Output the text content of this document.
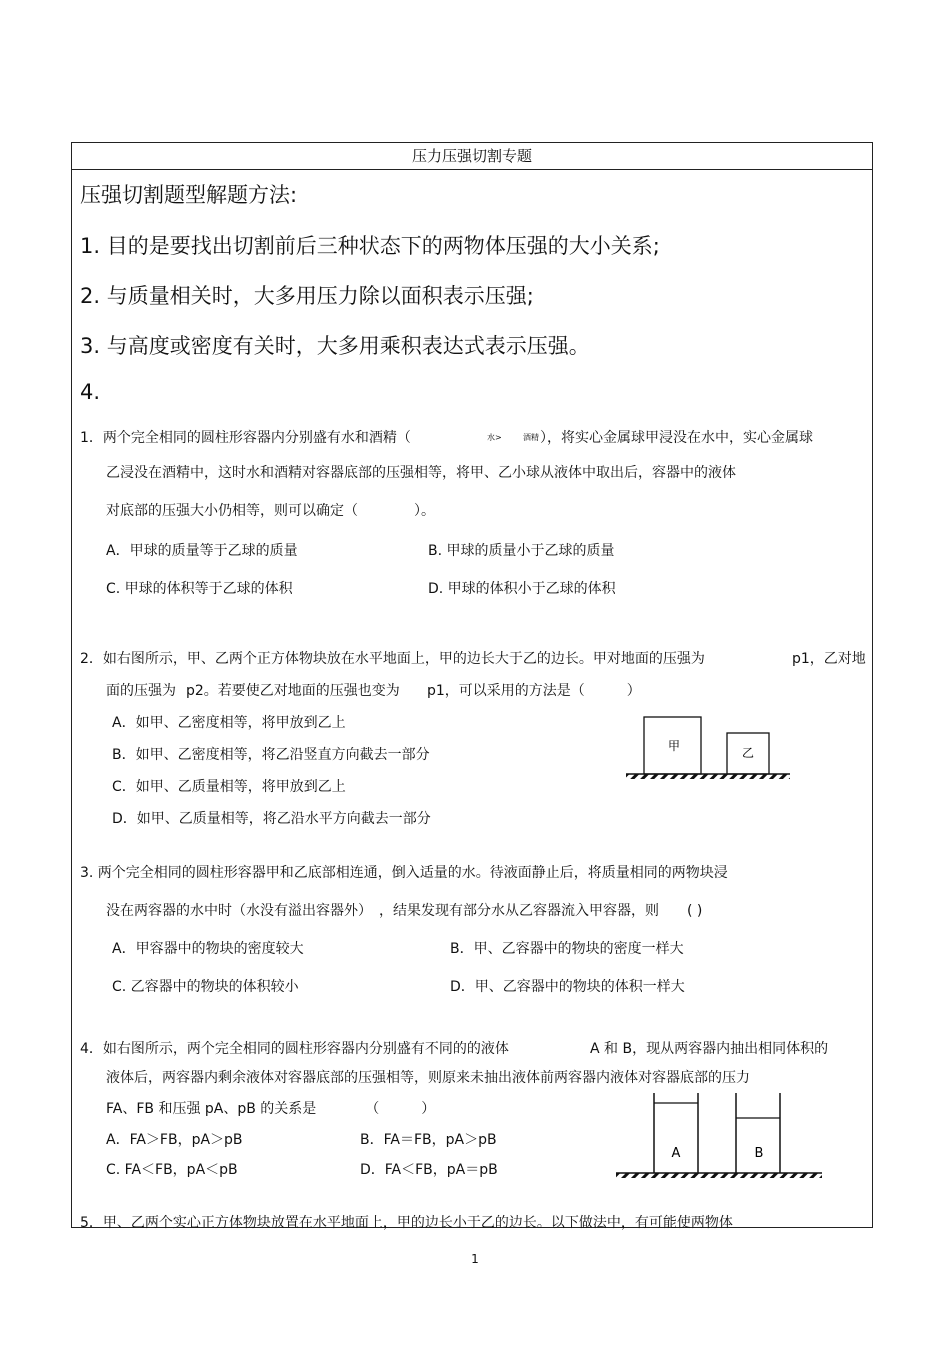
压力压强切割专题
压强切割题型解题方法:
1. 目的是要找出切割前后三种状态下的两物体压强的大小关系;
2. 与质量相关时，大多用压力除以面积表示压强;
3. 与高度或密度有关时，大多用乘积表达式表示压强。
4.
1．两个完全相同的圆柱形容器内分别盛有水和酒精（	水>	酒精 ），将实心金属球甲浸没在水中，实心金属球
乙浸没在酒精中，这时水和酒精对容器底部的压强相等，将甲、乙小球从液体中取出后，容器中的液体
对底部的压强大小仍相等，则可以确定（　　　　）。
A．甲球的质量等于乙球的质量	B. 甲球的质量小于乙球的质量
C. 甲球的体积等于乙球的体积	D. 甲球的体积小于乙球的体积
2．如右图所示，甲、乙两个正方体物块放在水平地面上，甲的边长大于乙的边长。甲对地面的压强为	p1，乙对地
面的压强为 p2。若要使乙对地面的压强也变为 p1，可以采用的方法是（　　　）
A．如甲、乙密度相等，将甲放到乙上
B．如甲、乙密度相等，将乙沿竖直方向截去一部分
C．如甲、乙质量相等，将甲放到乙上
D．如甲、乙质量相等，将乙沿水平方向截去一部分
甲	乙
3. 两个完全相同的圆柱形容器甲和乙底部相连通，倒入适量的水。待液面静止后，将质量相同的两物块浸
没在两容器的水中时（水没有溢出容器外）　，结果发现有部分水从乙容器流入甲容器，则　　( )
A．甲容器中的物块的密度较大	B．甲、乙容器中的物块的密度一样大
C. 乙容器中的物块的体积较小	D．甲、乙容器中的物块的体积一样大
4．如右图所示，两个完全相同的圆柱形容器内分别盛有不同的的液体	A 和 B，现从两容器内抽出相同体积的
液体后，两容器内剩余液体对容器底部的压强相等，则原来未抽出液体前两容器内液体对容器底部的压力
FA、FB 和压强 pA、pB 的关系是　　　　（　　　）
A．FA＞FB，pA＞pB	B．FA＝FB，pA＞pB
C. FA＜FB，pA＜pB	D．FA＜FB，pA＝pB
A	B
5．甲、乙两个实心正方体物块放置在水平地面上，甲的边长小于乙的边长。以下做法中，有可能使两物体
1
